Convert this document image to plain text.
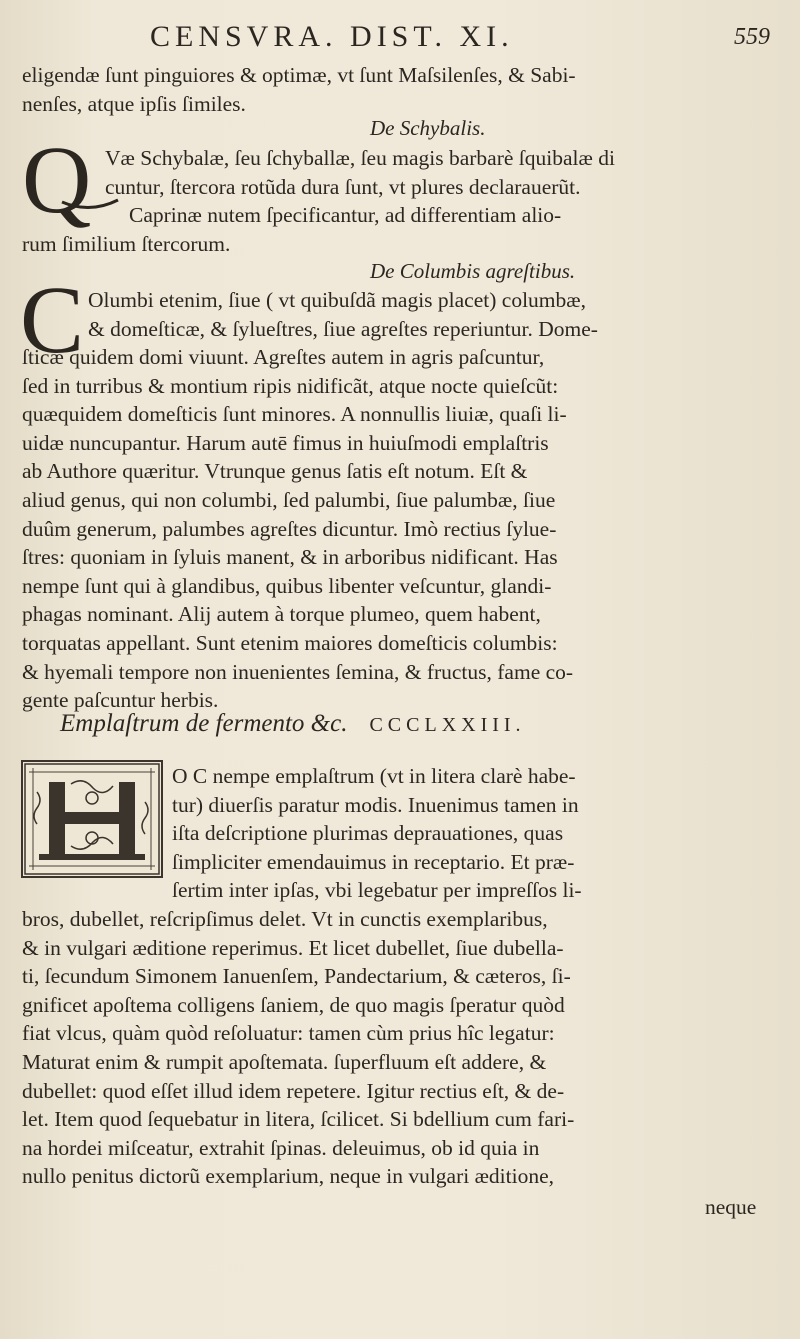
CENSVRA. DIST. XI.	559
eligendæ ſunt pinguiores & optimæ, vt ſunt Maſsilenſes, & Sabi-
nenſes, atque ipſis ſimiles.
De Schybalis.
Q Væ Schybalæ, ſeu ſchyballæ, ſeu magis barbarè ſquibalæ di
cuntur, ſtercora rotũda dura ſunt, vt plures declarauerũt.
Caprinæ nutem ſpecificantur, ad differentiam alio-
rum ſimilium ſtercorum.
De Columbis agreſtibus.
C Olumbi etenim, ſiue ( vt quibuſdã magis placet) columbæ,
& domeſticæ, & ſylueſtres, ſiue agreſtes reperiuntur. Dome-
ſticæ quidem domi viuunt. Agreſtes autem in agris paſcuntur,
ſed in turribus & montium ripis nidificãt, atque noctе quieſcũt:
quæquidem domeſticis ſunt minores. A nonnullis liuiæ, quaſi li-
uidæ nuncupantur. Harum autē fimus in huiuſmodi emplaſtris
ab Authore quæritur. Vtrunque genus ſatis eſt notum. Eſt &
aliud genus, qui non columbi, ſed palumbi, ſiue palumbæ, ſiue
duûm generum, palumbes agreſtes dicuntur. Imò rectius ſylue-
ſtres: quoniam in ſyluis manent, & in arboribus nidificant. Has
nempe ſunt qui à glandibus, quibus libenter veſcuntur, glandi-
phagas nominant. Alij autem à torque plumeo, quem habent,
torquatas appellant. Sunt etenim maiores domeſticis columbis:
& hyemali tempore non inuenientes ſemina, & fructus, fame co-
gente paſcuntur herbis.
Emplaſtrum de fermento &c. CCCLXXIII.
O C nempe emplaſtrum (vt in litera clarè habe-
tur) diuerſis paratur modis. Inuenimus tamen in
iſta deſcriptione plurimas deprauationes, quas
ſimpliciter emendauimus in receptario. Et præ-
ſertim inter ipſas, vbi legebatur per impreſſos li-
bros, dubellet, reſcripſimus delet. Vt in cunctis exemplaribus,
& in vulgari æditione reperimus. Et licet dubellet, ſiue dubella-
ti, ſecundum Simonem Ianuenſem, Pandectarium, & cæteros, ſi-
gnificet apoſtema colligens ſaniem, de quo magis ſperatur quòd
fiat vlcus, quàm quòd reſoluatur: tamen cùm prius hîc legatur:
Maturat enim & rumpit apoſtemata. ſuperfluum eſt addere, &
dubellet: quod eſſet illud idem repetere. Igitur rectius eſt, & de-
let. Item quod ſequebatur in litera, ſcilicet. Si bdellium cum fari-
na hordei miſceatur, extrahit ſpinas. deleuimus, ob id quia in
nullo penitus dictorũ exemplarium, neque in vulgari æditione,
neque
